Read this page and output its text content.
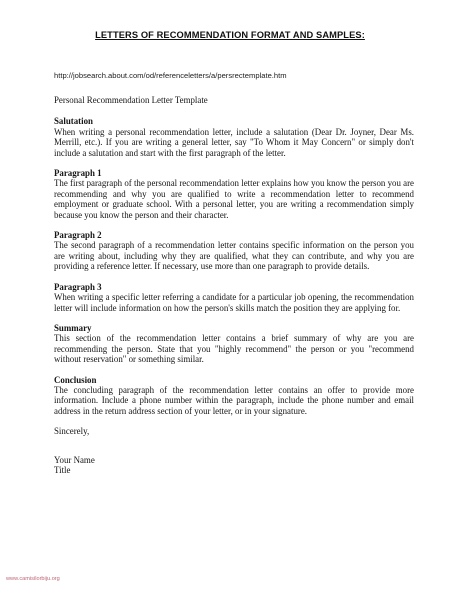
LETTERS OF RECOMMENDATION FORMAT AND SAMPLES:

http://jobsearch.about.com/od/referenceletters/a/persrectemplate.htm

Personal Recommendation Letter Template

Salutation

When writing a personal recommendation letter, include a salutation (Dear Dr. Joyner, Dear Ms. Merrill, etc.). If you are writing a general letter, say "To Whom it May Concern" or simply don't include a salutation and start with the first paragraph of the letter.

Paragraph 1

The first paragraph of the personal recommendation letter explains how you know the person you are recommending and why you are qualified to write a recommendation letter to recommend employment or graduate school. With a personal letter, you are writing a recommendation simply because you know the person and their character.

Paragraph 2

The second paragraph of a recommendation letter contains specific information on the person you are writing about, including why they are qualified, what they can contribute, and why you are providing a reference letter. If necessary, use more than one paragraph to provide details.

Paragraph 3

When writing a specific letter referring a candidate for a particular job opening, the recommendation letter will include information on how the person's skills match the position they are applying for.

Summary

This section of the recommendation letter contains a brief summary of why are you are recommending the person. State that you "highly recommend" the person or you "recommend without reservation" or something similar.

Conclusion

The concluding paragraph of the recommendation letter contains an offer to provide more information. Include a phone number within the paragraph, include the phone number and email address in the return address section of your letter, or in your signature.

Sincerely,

Your Name

Title

www.camisilorbiju.org
